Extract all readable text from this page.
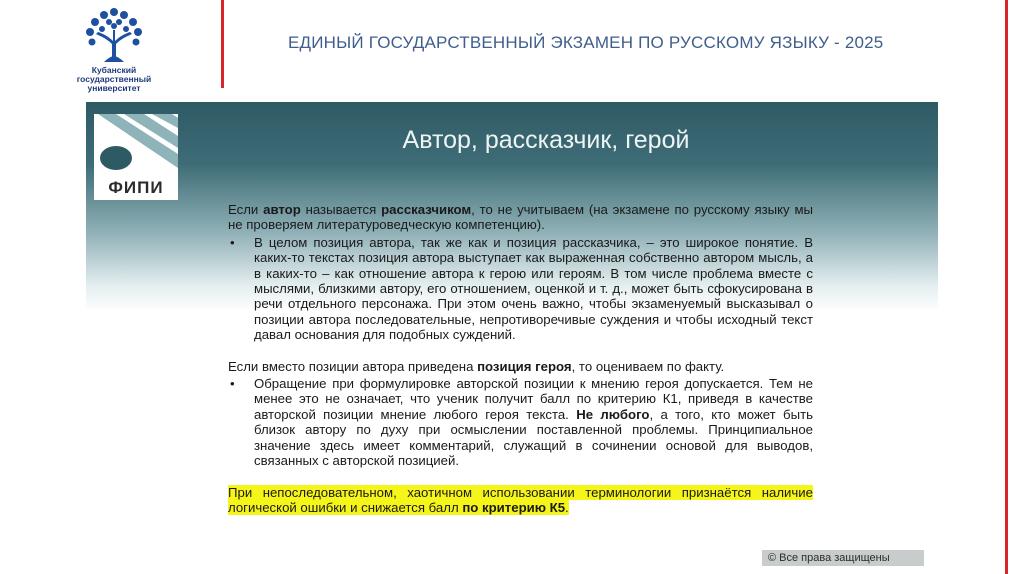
Кубанский
государственный
университет
ЕДИНЫЙ ГОСУДАРСТВЕННЫЙ ЭКЗАМЕН ПО РУССКОМУ ЯЗЫКУ - 2025
ФИПИ
Автор, рассказчик, герой

Если автор называется рассказчиком, то не учитываем (на экзамене по русскому языку мы не проверяем литературоведческую компетенцию).

•	В целом позиция автора, так же как и позиция рассказчика, – это широкое понятие. В каких-то текстах позиция автора выступает как выраженная собственно автором мысль, а в каких-то – как отношение автора к герою или героям. В том числе проблема вместе с мыслями, близкими автору, его отношением, оценкой и т. д., может быть сфокусирована в речи отдельного персонажа. При этом очень важно, чтобы экзаменуемый высказывал о позиции автора последовательные, непротиворечивые суждения и чтобы исходный текст давал основания для подобных суждений.

Если вместо позиции автора приведена позиция героя, то оцениваем по факту.

•	Обращение при формулировке авторской позиции к мнению героя допускается. Тем не менее это не означает, что ученик получит балл по критерию К1, приведя в качестве авторской позиции мнение любого героя текста. Не любого, а того, кто может быть близок автору по духу при осмыслении поставленной проблемы. Принципиальное значение здесь имеет комментарий, служащий в сочинении основой для выводов, связанных с авторской позицией.

При непоследовательном, хаотичном использовании терминологии признаётся наличие логической ошибки и снижается балл по критерию К5.

© Все права защищены
